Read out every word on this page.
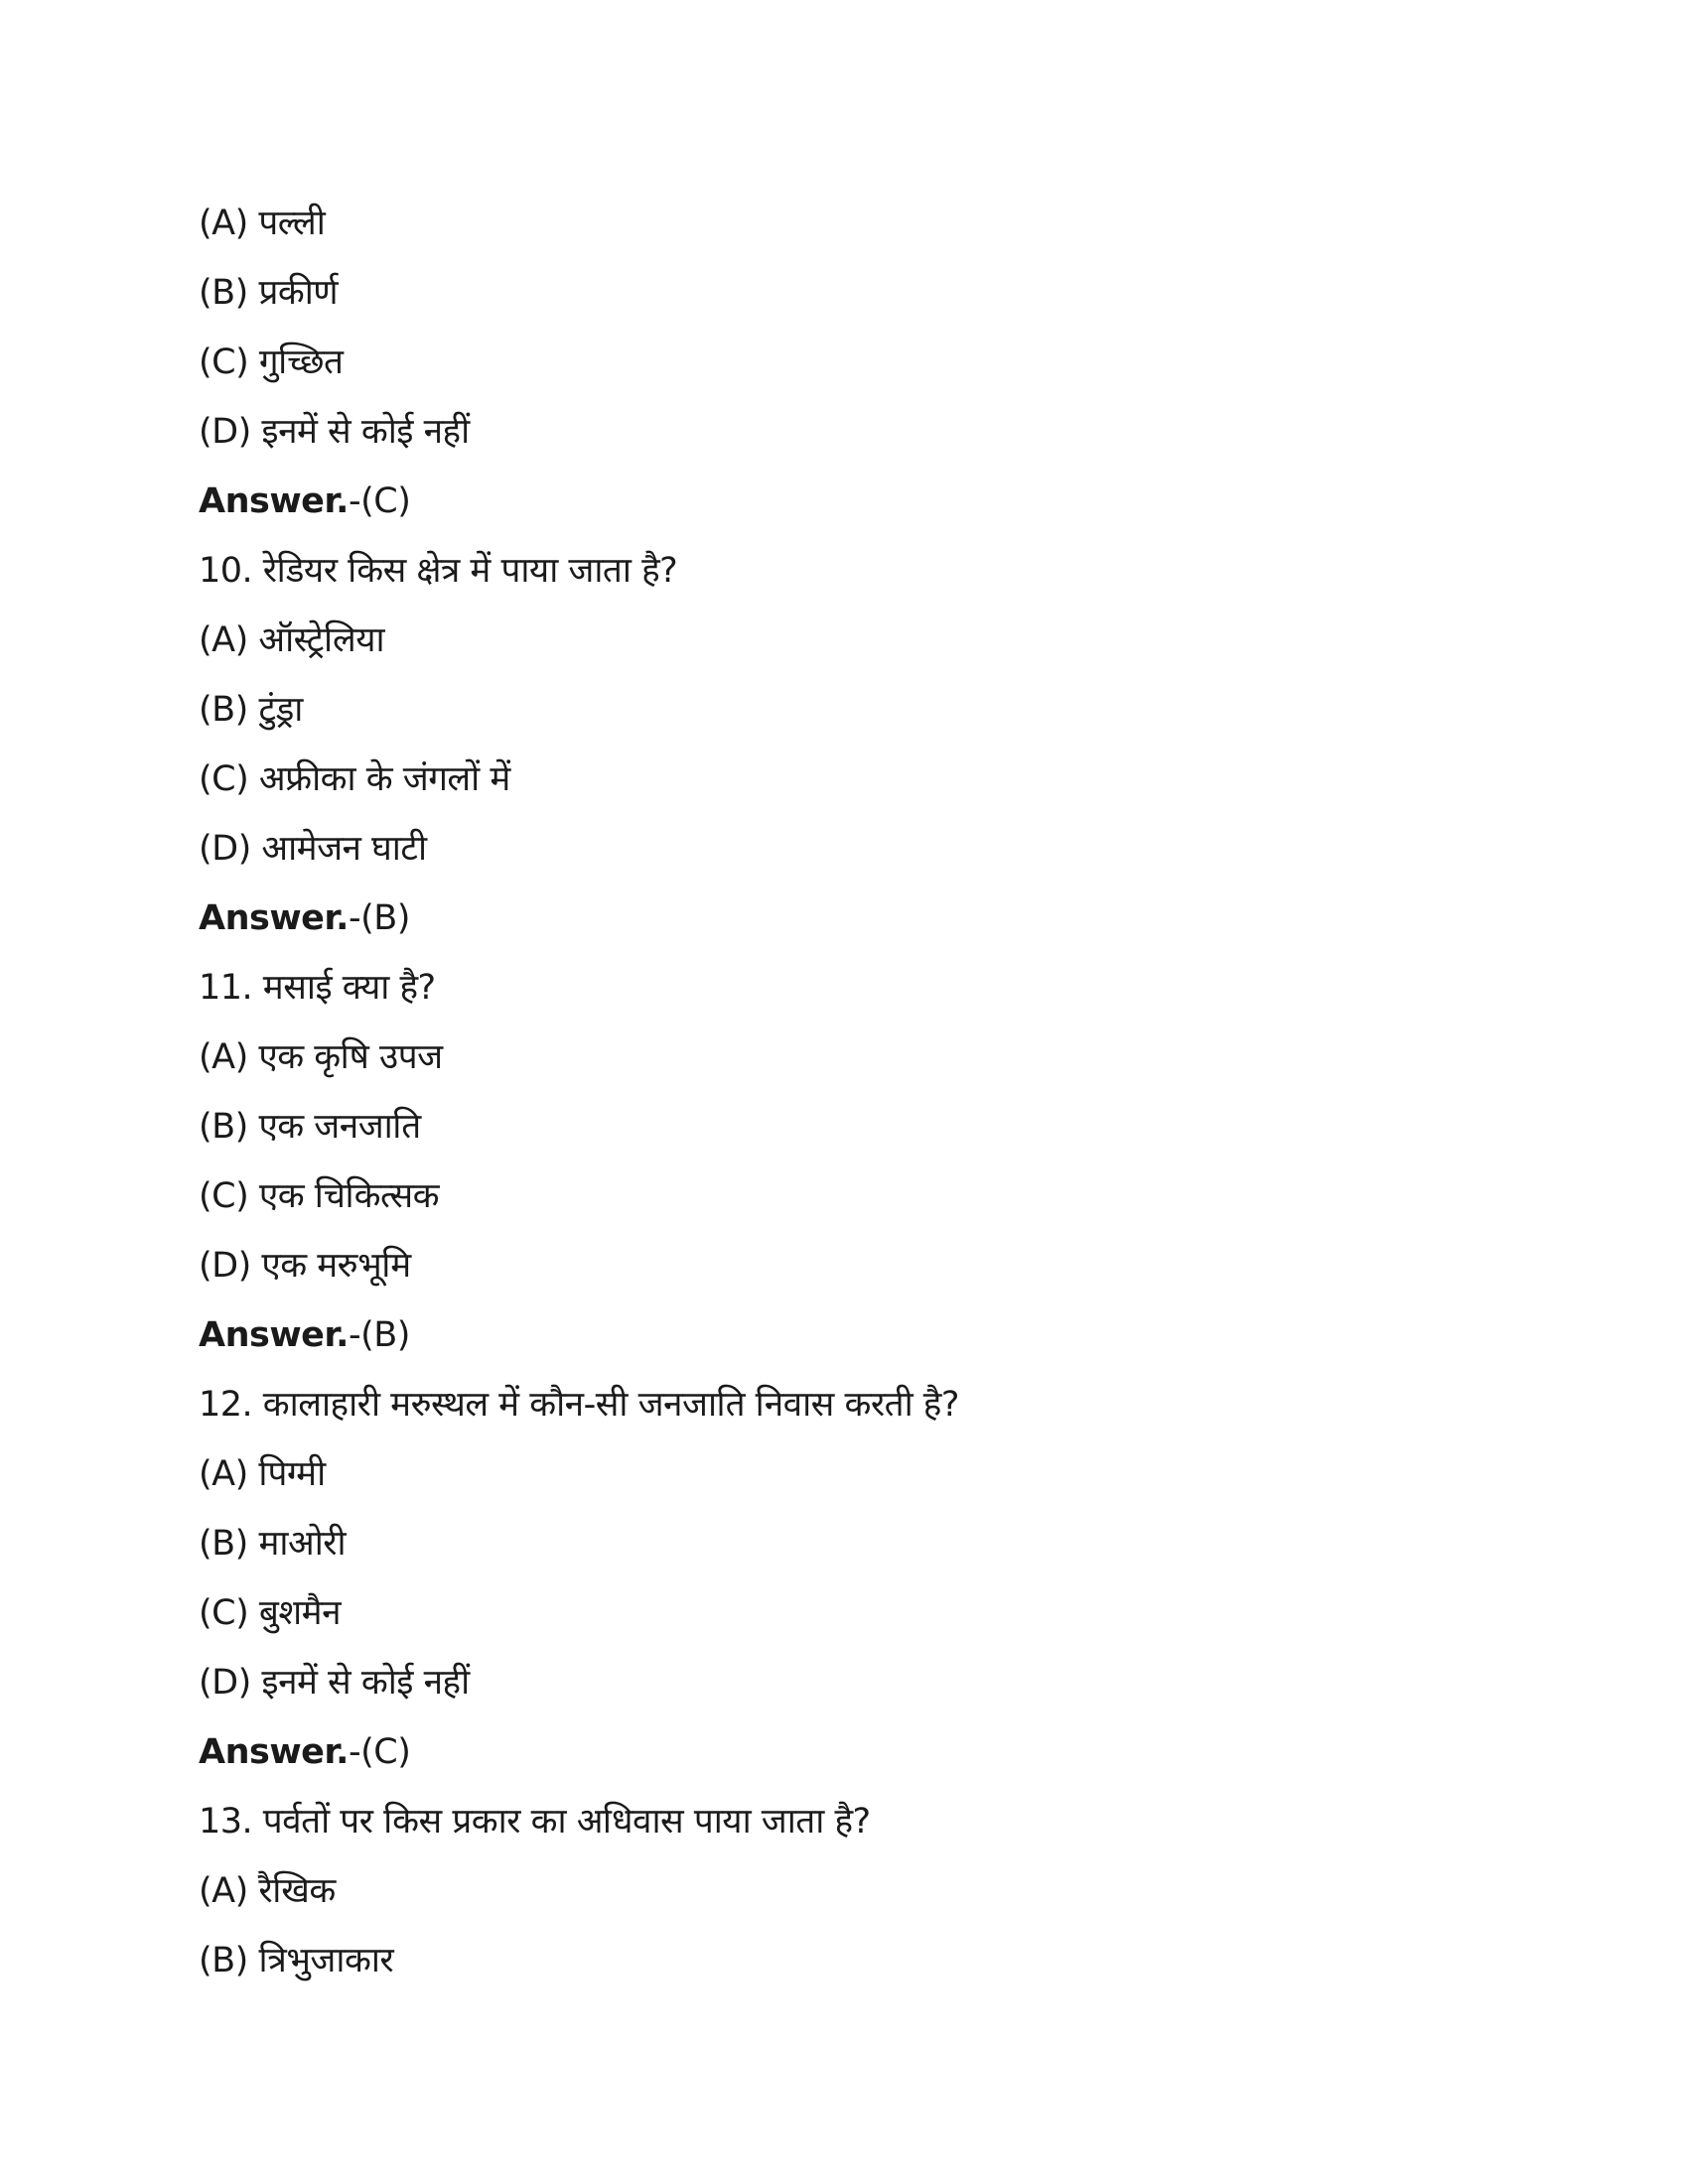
(A) पल्ली
(B) प्रकीर्ण
(C) गुच्छित
(D) इनमें से कोई नहीं
Answer.-(C)
10. रेडियर किस क्षेत्र में पाया जाता है?
(A) ऑस्ट्रेलिया
(B) टुंड्रा
(C) अफ्रीका के जंगलों में
(D) आमेजन घाटी
Answer.-(B)
11. मसाई क्या है?
(A) एक कृषि उपज
(B) एक जनजाति
(C) एक चिकित्सक
(D) एक मरुभूमि
Answer.-(B)
12. कालाहारी मरुस्थल में कौन-सी जनजाति निवास करती है?
(A) पिग्मी
(B) माओरी
(C) बुशमैन
(D) इनमें से कोई नहीं
Answer.-(C)
13. पर्वतों पर किस प्रकार का अधिवास पाया जाता है?
(A) रैखिक
(B) त्रिभुजाकार
